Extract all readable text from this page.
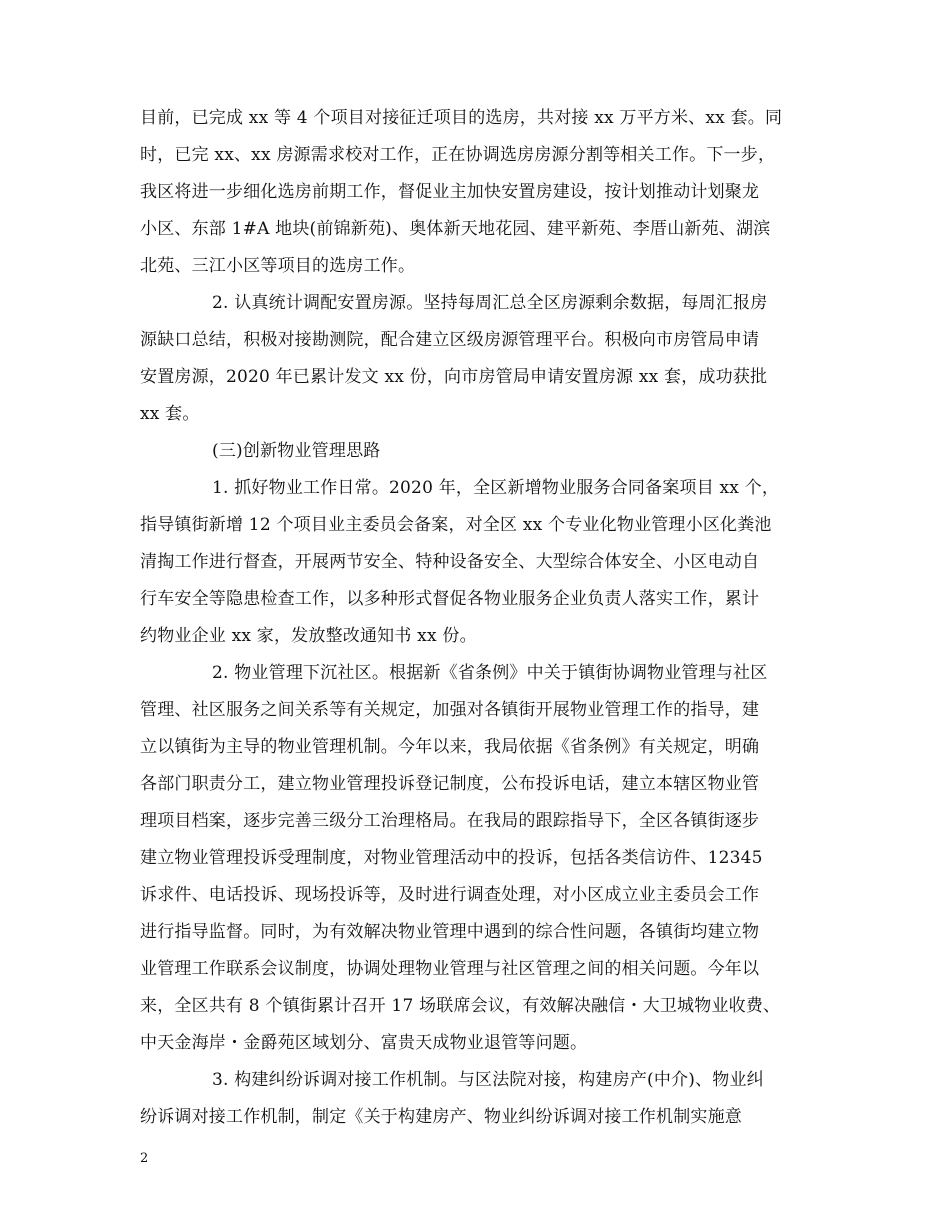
目前，已完成 xx 等 4 个项目对接征迁项目的选房，共对接 xx 万平方米、xx 套。同
时，已完 xx、xx 房源需求校对工作，正在协调选房房源分割等相关工作。下一步，
我区将进一步细化选房前期工作，督促业主加快安置房建设，按计划推动计划聚龙
小区、东部 1#A 地块(前锦新苑)、奥体新天地花园、建平新苑、李厝山新苑、湖滨
北苑、三江小区等项目的选房工作。
2. 认真统计调配安置房源。坚持每周汇总全区房源剩余数据，每周汇报房
源缺口总结，积极对接勘测院，配合建立区级房源管理平台。积极向市房管局申请
安置房源，2020 年已累计发文 xx 份，向市房管局申请安置房源 xx 套，成功获批
xx 套。
(三)创新物业管理思路
1. 抓好物业工作日常。2020 年，全区新增物业服务合同备案项目 xx 个，
指导镇街新增 12 个项目业主委员会备案，对全区 xx 个专业化物业管理小区化粪池
清掏工作进行督查，开展两节安全、特种设备安全、大型综合体安全、小区电动自
行车安全等隐患检查工作，以多种形式督促各物业服务企业负责人落实工作，累计
约物业企业 xx 家，发放整改通知书 xx 份。
2. 物业管理下沉社区。根据新《省条例》中关于镇街协调物业管理与社区
管理、社区服务之间关系等有关规定，加强对各镇街开展物业管理工作的指导，建
立以镇街为主导的物业管理机制。今年以来，我局依据《省条例》有关规定，明确
各部门职责分工，建立物业管理投诉登记制度，公布投诉电话，建立本辖区物业管
理项目档案，逐步完善三级分工治理格局。在我局的跟踪指导下，全区各镇街逐步
建立物业管理投诉受理制度，对物业管理活动中的投诉，包括各类信访件、12345
诉求件、电话投诉、现场投诉等，及时进行调查处理，对小区成立业主委员会工作
进行指导监督。同时，为有效解决物业管理中遇到的综合性问题，各镇街均建立物
业管理工作联系会议制度，协调处理物业管理与社区管理之间的相关问题。今年以
来，全区共有 8 个镇街累计召开 17 场联席会议，有效解决融信・大卫城物业收费、
中天金海岸・金爵苑区域划分、富贵天成物业退管等问题。
3. 构建纠纷诉调对接工作机制。与区法院对接，构建房产(中介)、物业纠
纷诉调对接工作机制，制定《关于构建房产、物业纠纷诉调对接工作机制实施意
2
